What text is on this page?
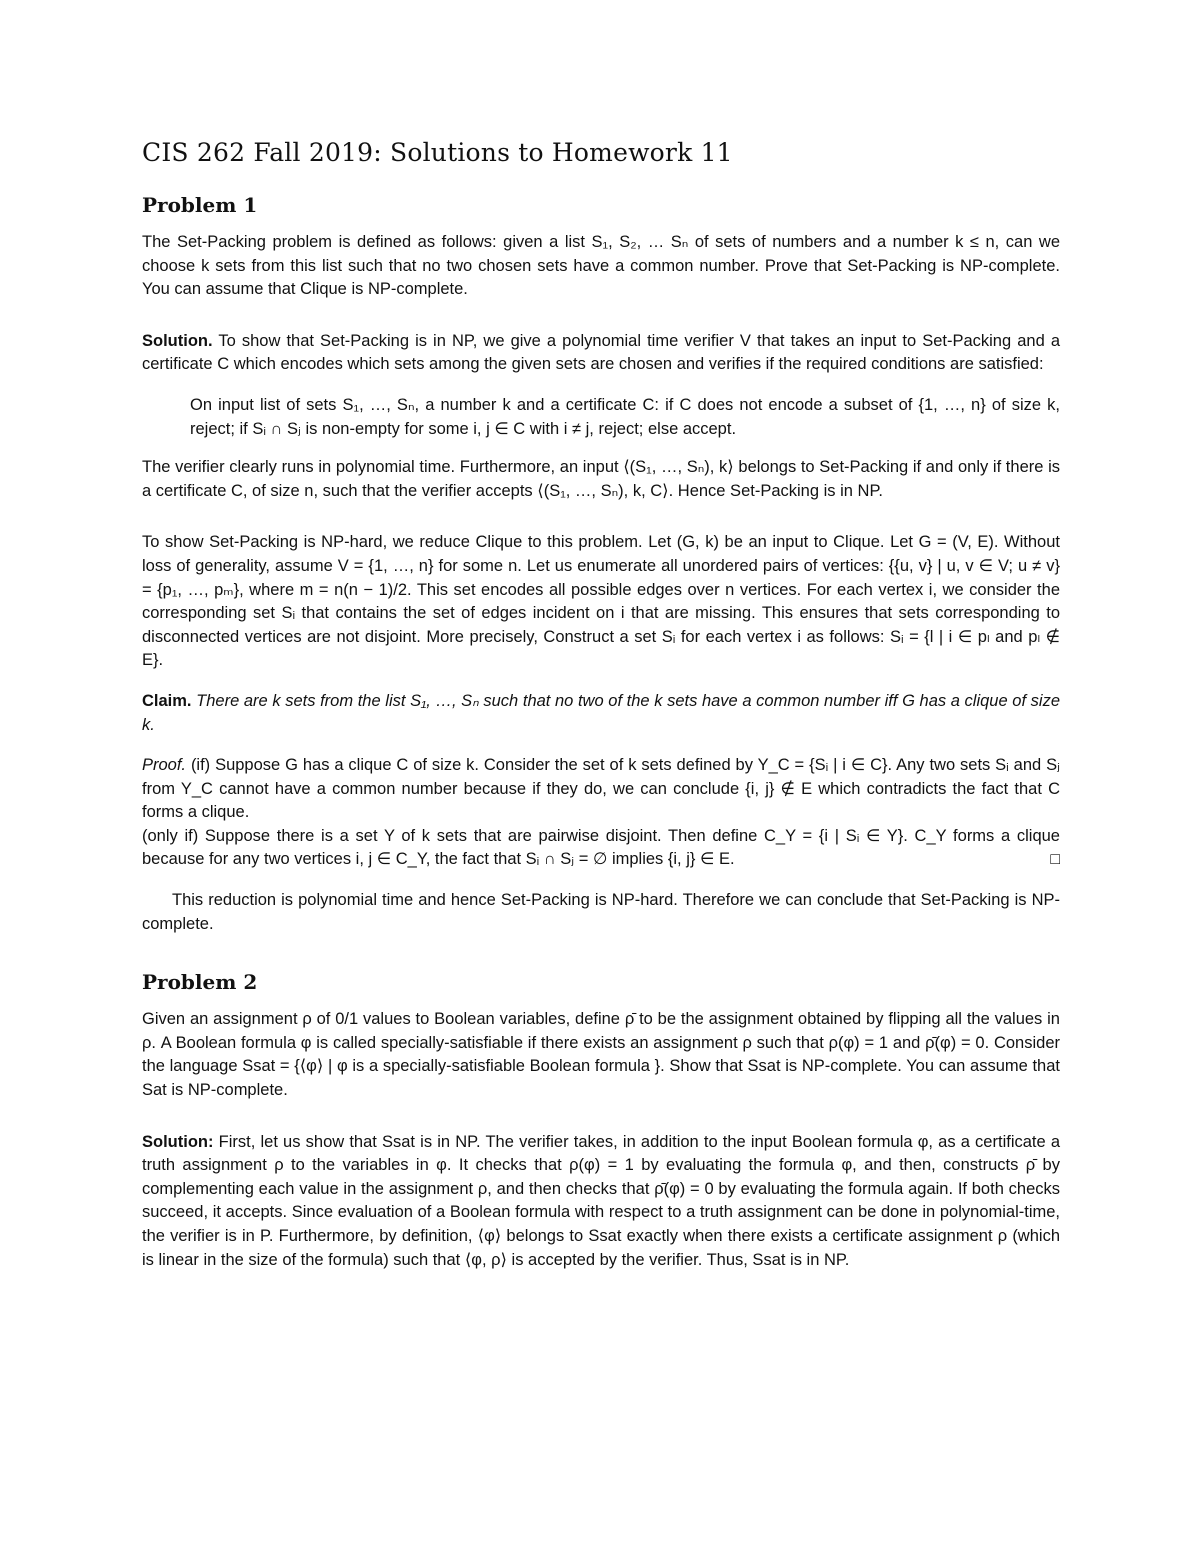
CIS 262 Fall 2019: Solutions to Homework 11
Problem 1

The Set-Packing problem is defined as follows: given a list S₁, S₂, … Sₙ of sets of numbers and a number k ≤ n, can we choose k sets from this list such that no two chosen sets have a common number. Prove that Set-Packing is NP-complete. You can assume that Clique is NP-complete.

Solution. To show that Set-Packing is in NP, we give a polynomial time verifier V that takes an input to Set-Packing and a certificate C which encodes which sets among the given sets are chosen and verifies if the required conditions are satisfied:

On input list of sets S₁, …, Sₙ, a number k and a certificate C: if C does not encode a subset of {1, …, n} of size k, reject; if Sᵢ ∩ Sⱼ is non-empty for some i, j ∈ C with i ≠ j, reject; else accept.

The verifier clearly runs in polynomial time. Furthermore, an input ⟨(S₁, …, Sₙ), k⟩ belongs to Set-Packing if and only if there is a certificate C, of size n, such that the verifier accepts ⟨(S₁, …, Sₙ), k, C⟩. Hence Set-Packing is in NP.

To show Set-Packing is NP-hard, we reduce Clique to this problem. Let (G, k) be an input to Clique. Let G = (V, E). Without loss of generality, assume V = {1, …, n} for some n. Let us enumerate all unordered pairs of vertices: {{u, v} | u, v ∈ V; u ≠ v} = {p₁, …, pₘ}, where m = n(n − 1)/2. This set encodes all possible edges over n vertices. For each vertex i, we consider the corresponding set Sᵢ that contains the set of edges incident on i that are missing. This ensures that sets corresponding to disconnected vertices are not disjoint. More precisely, Construct a set Sᵢ for each vertex i as follows: Sᵢ = {l | i ∈ pₗ and pₗ ∉ E}.

Claim. There are k sets from the list S₁, …, Sₙ such that no two of the k sets have a common number iff G has a clique of size k.

Proof. (if) Suppose G has a clique C of size k. Consider the set of k sets defined by Y_C = {Sᵢ | i ∈ C}. Any two sets Sᵢ and Sⱼ from Y_C cannot have a common number because if they do, we can conclude {i, j} ∉ E which contradicts the fact that C forms a clique.

(only if) Suppose there is a set Y of k sets that are pairwise disjoint. Then define C_Y = {i | Sᵢ ∈ Y}. C_Y forms a clique because for any two vertices i, j ∈ C_Y, the fact that Sᵢ ∩ Sⱼ = ∅ implies {i, j} ∈ E.	□

This reduction is polynomial time and hence Set-Packing is NP-hard. Therefore we can conclude that Set-Packing is NP-complete.

Problem 2

Given an assignment ρ of 0/1 values to Boolean variables, define ρ̄ to be the assignment obtained by flipping all the values in ρ. A Boolean formula φ is called specially-satisfiable if there exists an assignment ρ such that ρ(φ) = 1 and ρ̄(φ) = 0. Consider the language Ssat = {⟨φ⟩ | φ is a specially-satisfiable Boolean formula }. Show that Ssat is NP-complete. You can assume that Sat is NP-complete.

Solution: First, let us show that Ssat is in NP. The verifier takes, in addition to the input Boolean formula φ, as a certificate a truth assignment ρ to the variables in φ. It checks that ρ(φ) = 1 by evaluating the formula φ, and then, constructs ρ̄ by complementing each value in the assignment ρ, and then checks that ρ̄(φ) = 0 by evaluating the formula again. If both checks succeed, it accepts. Since evaluation of a Boolean formula with respect to a truth assignment can be done in polynomial-time, the verifier is in P. Furthermore, by definition, ⟨φ⟩ belongs to Ssat exactly when there exists a certificate assignment ρ (which is linear in the size of the formula) such that ⟨φ, ρ⟩ is accepted by the verifier. Thus, Ssat is in NP.
